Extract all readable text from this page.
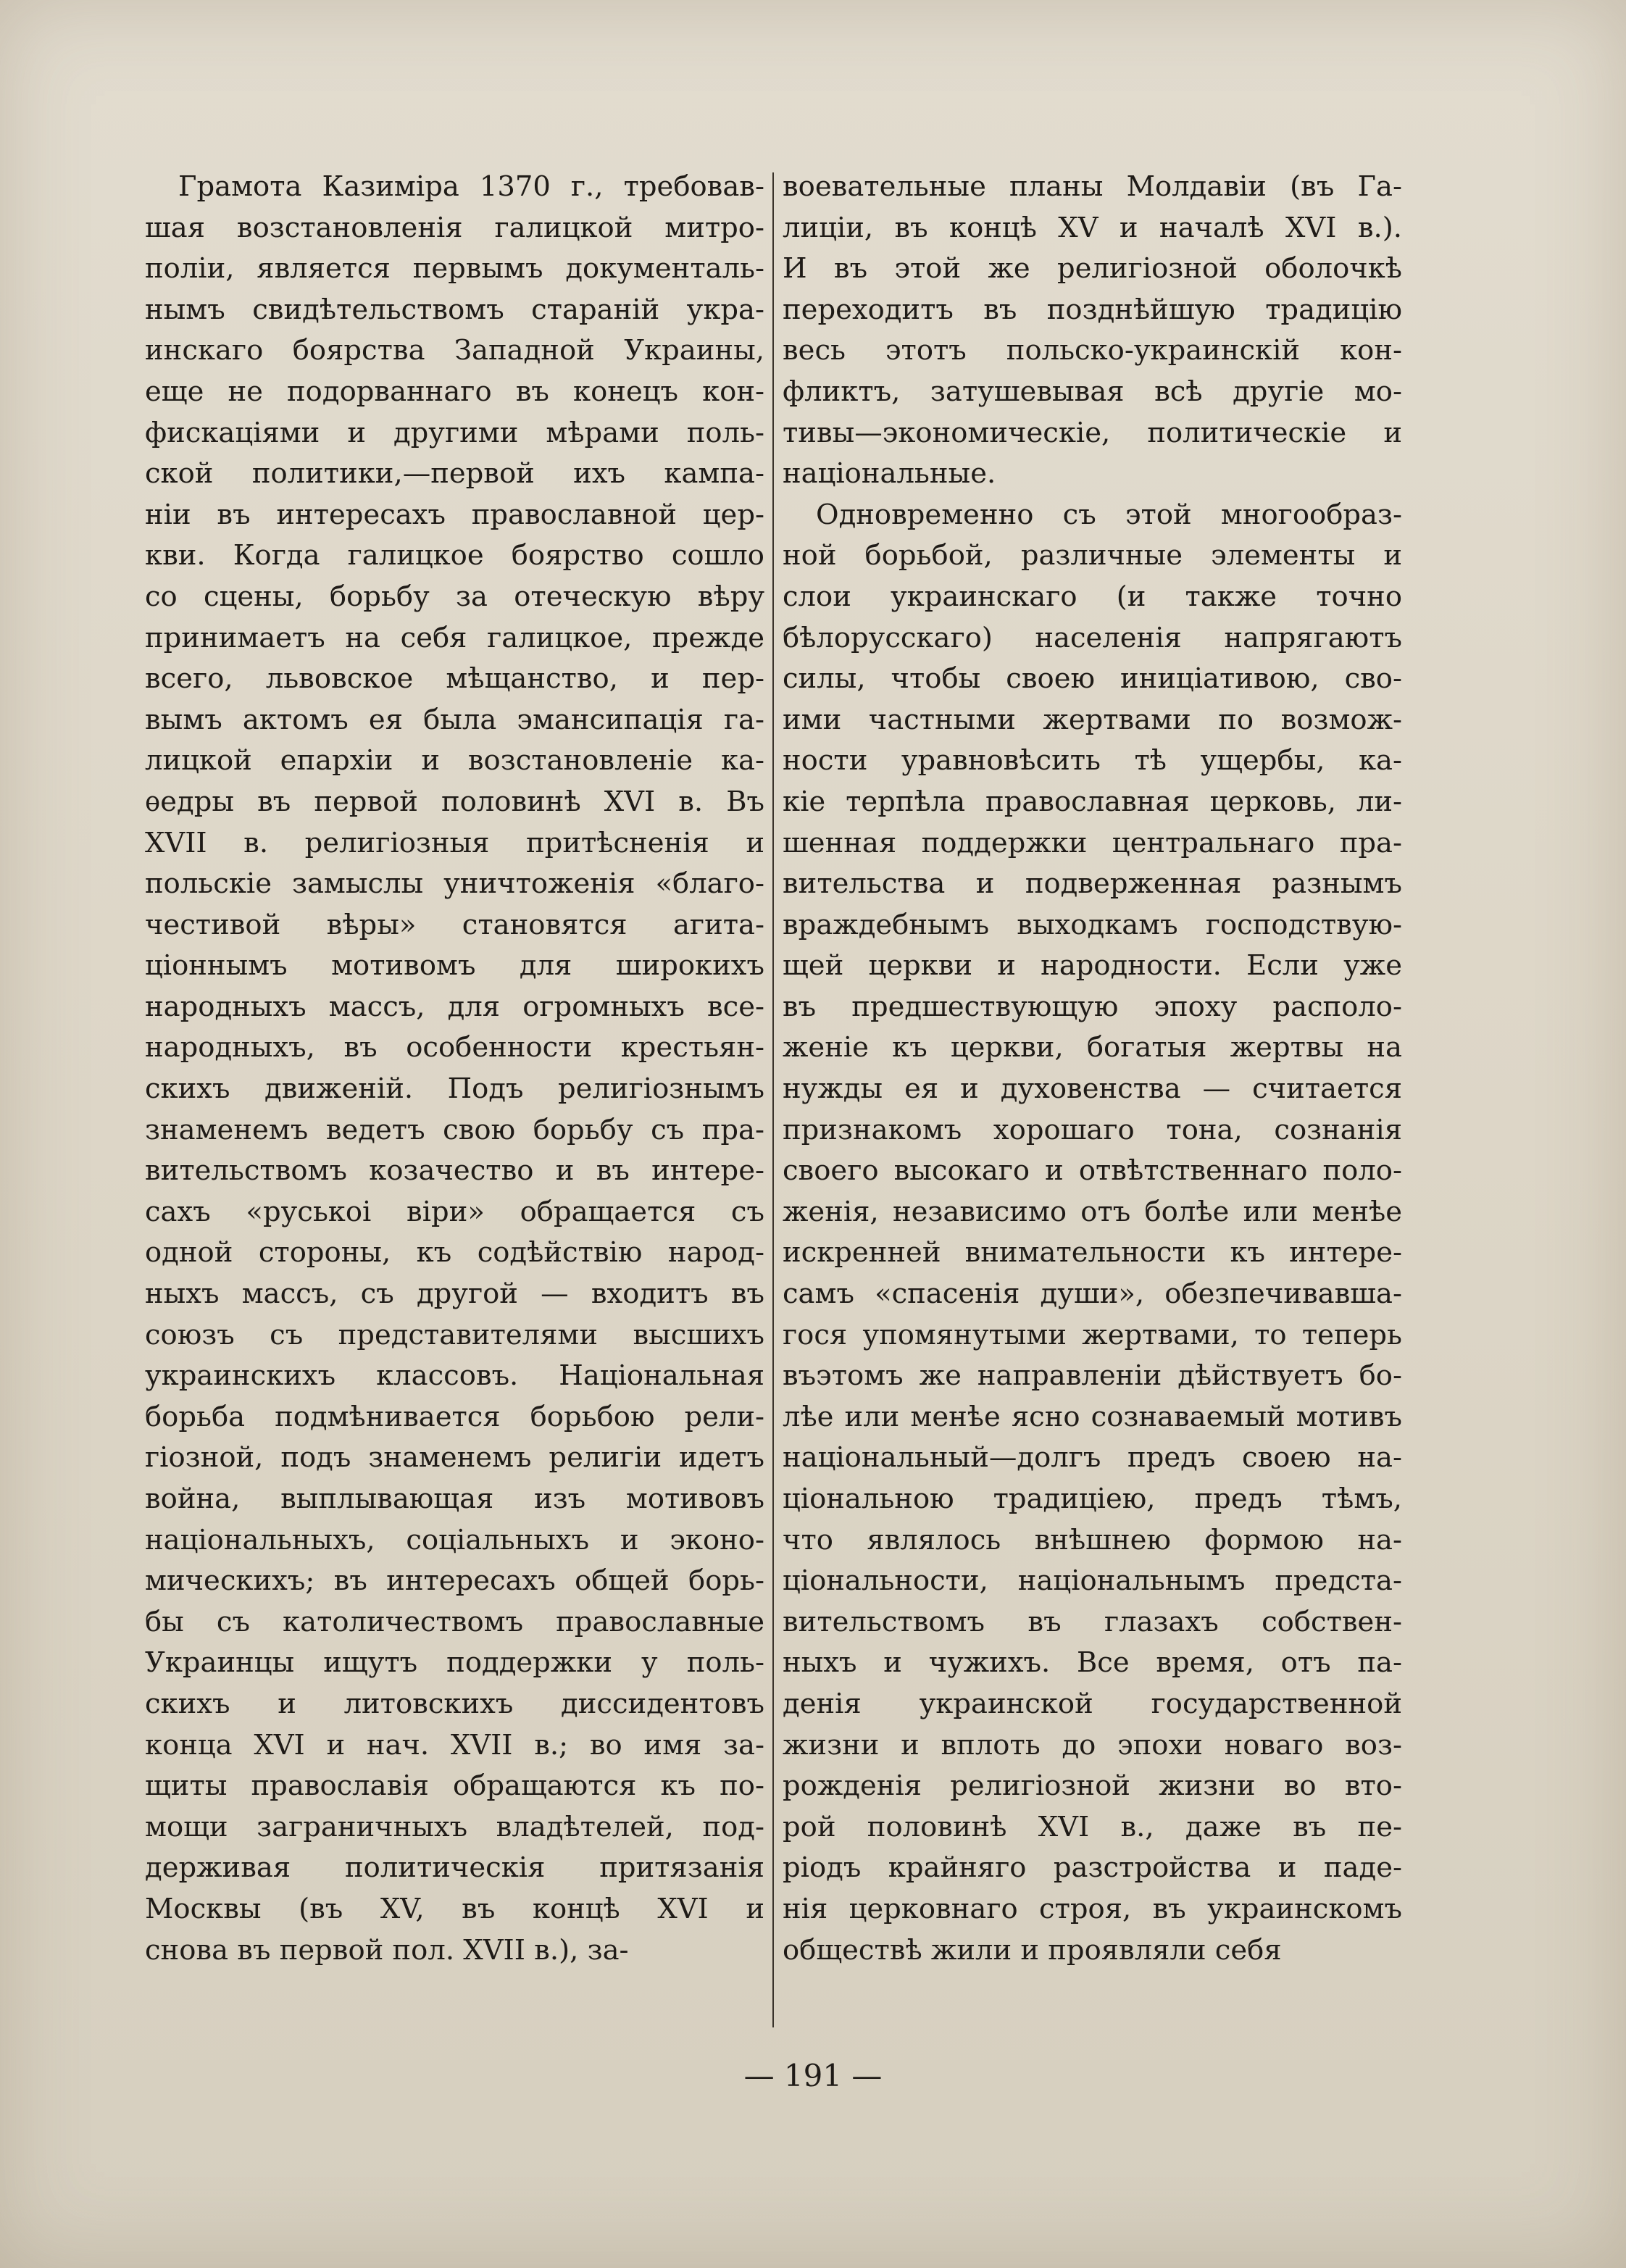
Грамота Казиміра 1370 г., требовав-
шая возстановленія галицкой митро-
поліи, является первымъ документаль-
нымъ свидѣтельствомъ стараній укра-
инскаго боярства Западной Украины,
еще не подорваннаго въ конецъ кон-
фискаціями и другими мѣрами поль-
ской политики,—первой ихъ кампа-
ніи въ интересахъ православной цер-
кви. Когда галицкое боярство сошло
со сцены, борьбу за отеческую вѣру
принимаетъ на себя галицкое, прежде
всего, львовское мѣщанство, и пер-
вымъ актомъ ея была эмансипація га-
лицкой епархіи и возстановленіе ка-
ѳедры въ первой половинѣ XVI в. Въ
XVII в. религіозныя притѣсненія и
польскіе замыслы уничтоженія «благо-
честивой вѣры» становятся агита-
ціоннымъ мотивомъ для широкихъ
народныхъ массъ, для огромныхъ все-
народныхъ, въ особенности крестьян-
скихъ движеній. Подъ религіознымъ
знаменемъ ведетъ свою борьбу съ пра-
вительствомъ козачество и въ интере-
сахъ «руськоі віри» обращается съ
одной стороны, къ содѣйствію народ-
ныхъ массъ, съ другой — входитъ въ
союзъ съ представителями высшихъ
украинскихъ классовъ. Національная
борьба подмѣнивается борьбою рели-
гіозной, подъ знаменемъ религіи идетъ
война, выплывающая изъ мотивовъ
національныхъ, соціальныхъ и эконо-
мическихъ; въ интересахъ общей борь-
бы съ католичествомъ православные
Украинцы ищутъ поддержки у поль-
скихъ и литовскихъ диссидентовъ
конца XVI и нач. XVII в.; во имя за-
щиты православія обращаются къ по-
мощи заграничныхъ владѣтелей, под-
держивая политическія притязанія
Москвы (въ XV, въ концѣ XVI и
снова въ первой пол. XVII в.), за-
воевательные планы Молдавіи (въ Га-
лиціи, въ концѣ XV и началѣ XVI в.).
И въ этой же религіозной оболочкѣ
переходитъ въ позднѣйшую традицію
весь этотъ польско-украинскій кон-
фликтъ, затушевывая всѣ другіе мо-
тивы—экономическіе, политическіе и
національные.
Одновременно съ этой многообраз-
ной борьбой, различные элементы и
слои украинскаго (и также точно
бѣлорусскаго) населенія напрягаютъ
силы, чтобы своею иниціативою, сво-
ими частными жертвами по возмож-
ности уравновѣсить тѣ ущербы, ка-
кіе терпѣла православная церковь, ли-
шенная поддержки центральнаго пра-
вительства и подверженная разнымъ
враждебнымъ выходкамъ господствую-
щей церкви и народности. Если уже
въ предшествующую эпоху располо-
женіе къ церкви, богатыя жертвы на
нужды ея и духовенства — считается
признакомъ хорошаго тона, сознанія
своего высокаго и отвѣтственнаго поло-
женія, независимо отъ болѣе или менѣе
искренней внимательности къ интере-
самъ «спасенія души», обезпечивавша-
гося упомянутыми жертвами, то теперь
въэтомъ же направленіи дѣйствуетъ бо-
лѣе или менѣе ясно сознаваемый мотивъ
національный—долгъ предъ своею на-
ціональною традиціею, предъ тѣмъ,
что являлось внѣшнею формою на-
ціональности, національнымъ предста-
вительствомъ въ глазахъ собствен-
ныхъ и чужихъ. Все время, отъ па-
денія украинской государственной
жизни и вплоть до эпохи новаго воз-
рожденія религіозной жизни во вто-
рой половинѣ XVI в., даже въ пе-
ріодъ крайняго разстройства и паде-
нія церковнаго строя, въ украинскомъ
обществѣ жили и проявляли себя
— 191 —
